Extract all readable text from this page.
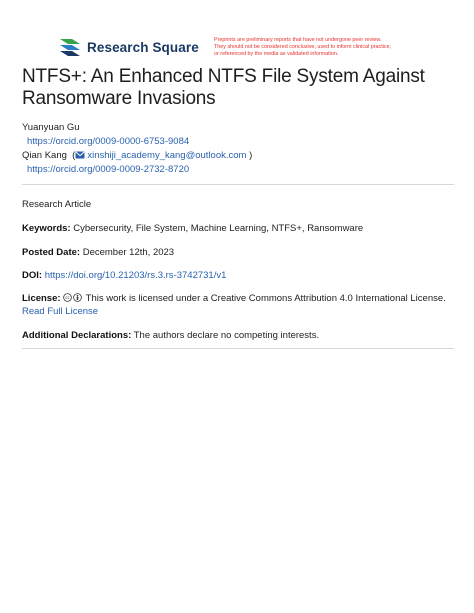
Research Square	Preprints are preliminary reports that have not undergone peer review.
They should not be considered conclusive, used to inform clinical practice,
or referenced by the media as validated information.
NTFS+: An Enhanced NTFS File System Against
Ransomware Invasions
Yuanyuan Gu
https://orcid.org/0009-0000-6753-9084
Qian Kang  ( xinshiji_academy_kang@outlook.com )
https://orcid.org/0009-0009-2732-8720
Research Article
Keywords: Cybersecurity, File System, Machine Learning, NTFS+, Ransomware
Posted Date: December 12th, 2023
DOI: https://doi.org/10.21203/rs.3.rs-3742731/v1
License: cc This work is licensed under a Creative Commons Attribution 4.0 International License.
Read Full License
Additional Declarations: The authors declare no competing interests.
